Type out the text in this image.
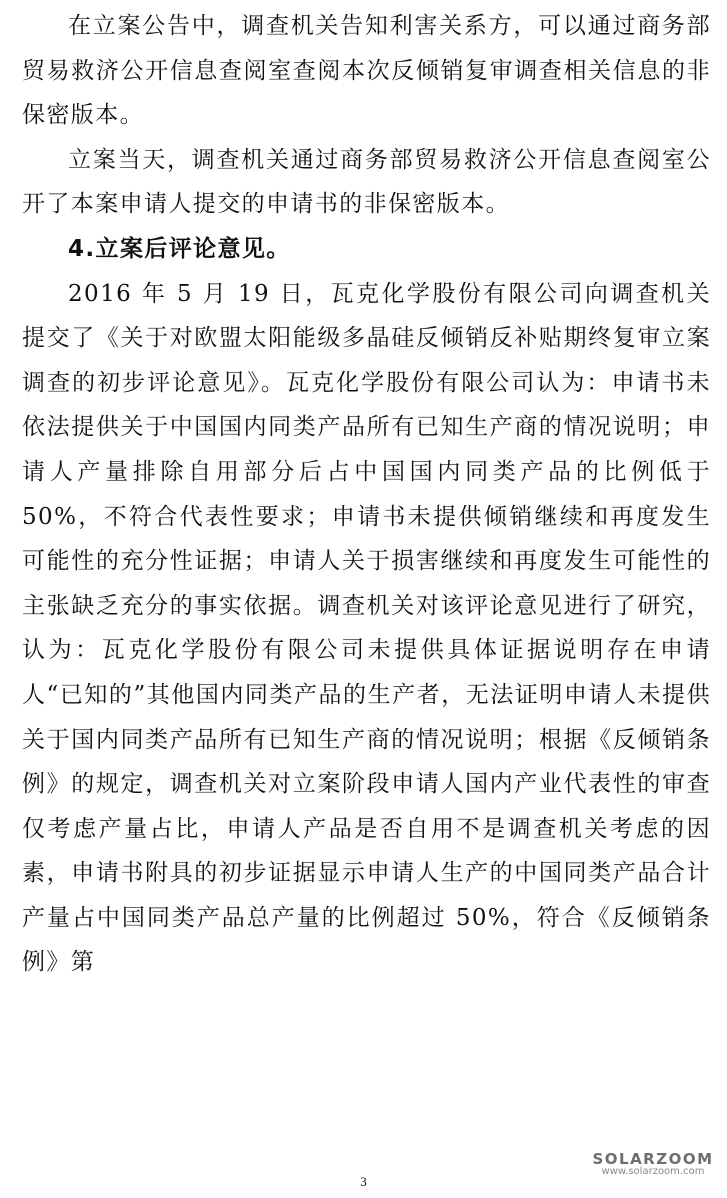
在立案公告中，调查机关告知利害关系方，可以通过商务部贸易救济公开信息查阅室查阅本次反倾销复审调查相关信息的非保密版本。

立案当天，调查机关通过商务部贸易救济公开信息查阅室公开了本案申请人提交的申请书的非保密版本。

4.立案后评论意见。

2016 年 5 月 19 日，瓦克化学股份有限公司向调查机关提交了《关于对欧盟太阳能级多晶硅反倾销反补贴期终复审立案调查的初步评论意见》。瓦克化学股份有限公司认为：申请书未依法提供关于中国国内同类产品所有已知生产商的情况说明；申请人产量排除自用部分后占中国国内同类产品的比例低于 50%，不符合代表性要求；申请书未提供倾销继续和再度发生可能性的充分性证据；申请人关于损害继续和再度发生可能性的主张缺乏充分的事实依据。调查机关对该评论意见进行了研究，认为：瓦克化学股份有限公司未提供具体证据说明存在申请人“已知的”其他国内同类产品的生产者，无法证明申请人未提供关于国内同类产品所有已知生产商的情况说明；根据《反倾销条例》的规定，调查机关对立案阶段申请人国内产业代表性的审查仅考虑产量占比，申请人产品是否自用不是调查机关考虑的因素，申请书附具的初步证据显示申请人生产的中国同类产品合计产量占中国同类产品总产量的比例超过 50%，符合《反倾销条例》第

3
SOLARZOOM
www.solarzoom.com
